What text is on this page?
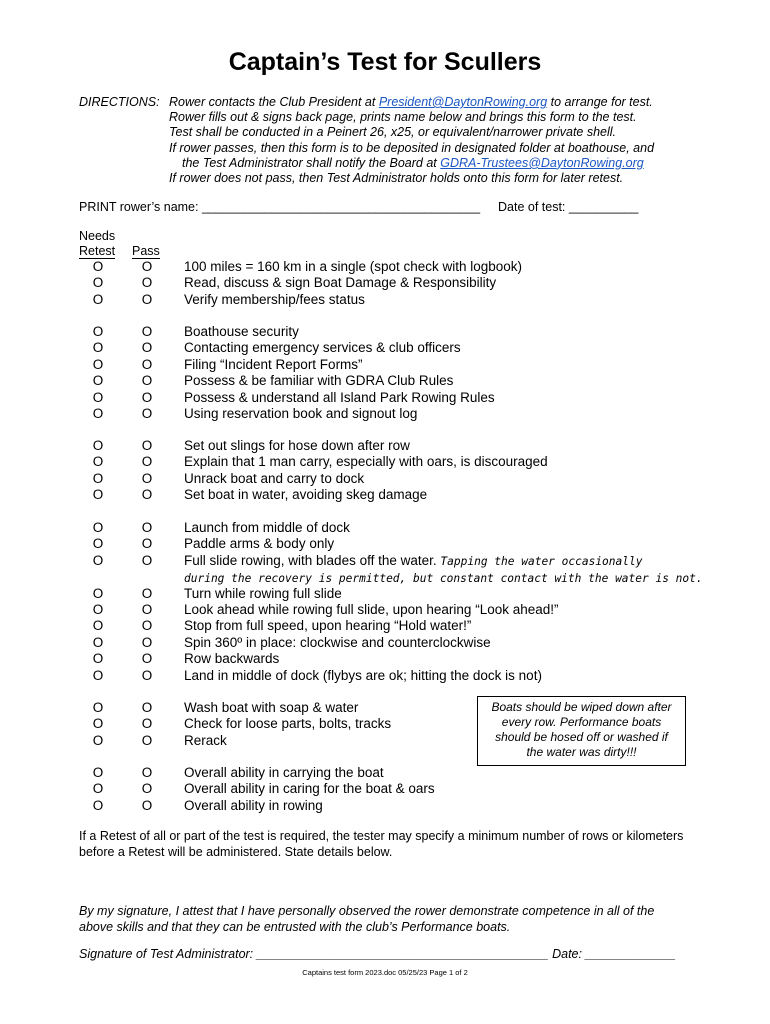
Captain’s Test for Scullers
DIRECTIONS: Rower contacts the Club President at President@DaytonRowing.org to arrange for test.
Rower fills out & signs back page, prints name below and brings this form to the test.
Test shall be conducted in a Peinert 26, x25, or equivalent/narrower private shell.
If rower passes, then this form is to be deposited in designated folder at boathouse, and
the Test Administrator shall notify the Board at GDRA-Trustees@DaytonRowing.org
If rower does not pass, then Test Administrator holds onto this form for later retest.
PRINT rower’s name: ________________________________________ Date of test: __________
Needs
Retest Pass
O	O 100 miles = 160 km in a single (spot check with logbook)
O	O Read, discuss & sign Boat Damage & Responsibility
O	O Verify membership/fees status
O	O Boathouse security
O	O Contacting emergency services & club officers
O	O Filing “Incident Report Forms”
O	O Possess & be familiar with GDRA Club Rules
O	O Possess & understand all Island Park Rowing Rules
O	O Using reservation book and signout log
O	O Set out slings for hose down after row
O	O Explain that 1 man carry, especially with oars, is discouraged
O	O Unrack boat and carry to dock
O	O Set boat in water, avoiding skeg damage
O	O Launch from middle of dock
O	O Paddle arms & body only
O	O Full slide rowing, with blades off the water. Tapping the water occasionally
during the recovery is permitted, but constant contact with the water is not.
O	O Turn while rowing full slide
O	O Look ahead while rowing full slide, upon hearing “Look ahead!”
O	O Stop from full speed, upon hearing “Hold water!”
O	O Spin 360º in place: clockwise and counterclockwise
O	O Row backwards
O	O Land in middle of dock (flybys are ok; hitting the dock is not)
O	O Wash boat with soap & water
O	O Check for loose parts, bolts, tracks
O	O Rerack
Boats should be wiped down after
every row. Performance boats
should be hosed off or washed if
the water was dirty!!!
O	O Overall ability in carrying the boat
O	O Overall ability in caring for the boat & oars
O	O Overall ability in rowing
If a Retest of all or part of the test is required, the tester may specify a minimum number of rows or kilometers
before a Retest will be administered. State details below.
By my signature, I attest that I have personally observed the rower demonstrate competence in all of the
above skills and that they can be entrusted with the club’s Performance boats.
Signature of Test Administrator: __________________________________________ Date: _____________
Captains test form 2023.doc 05/25/23 Page 1 of 2
